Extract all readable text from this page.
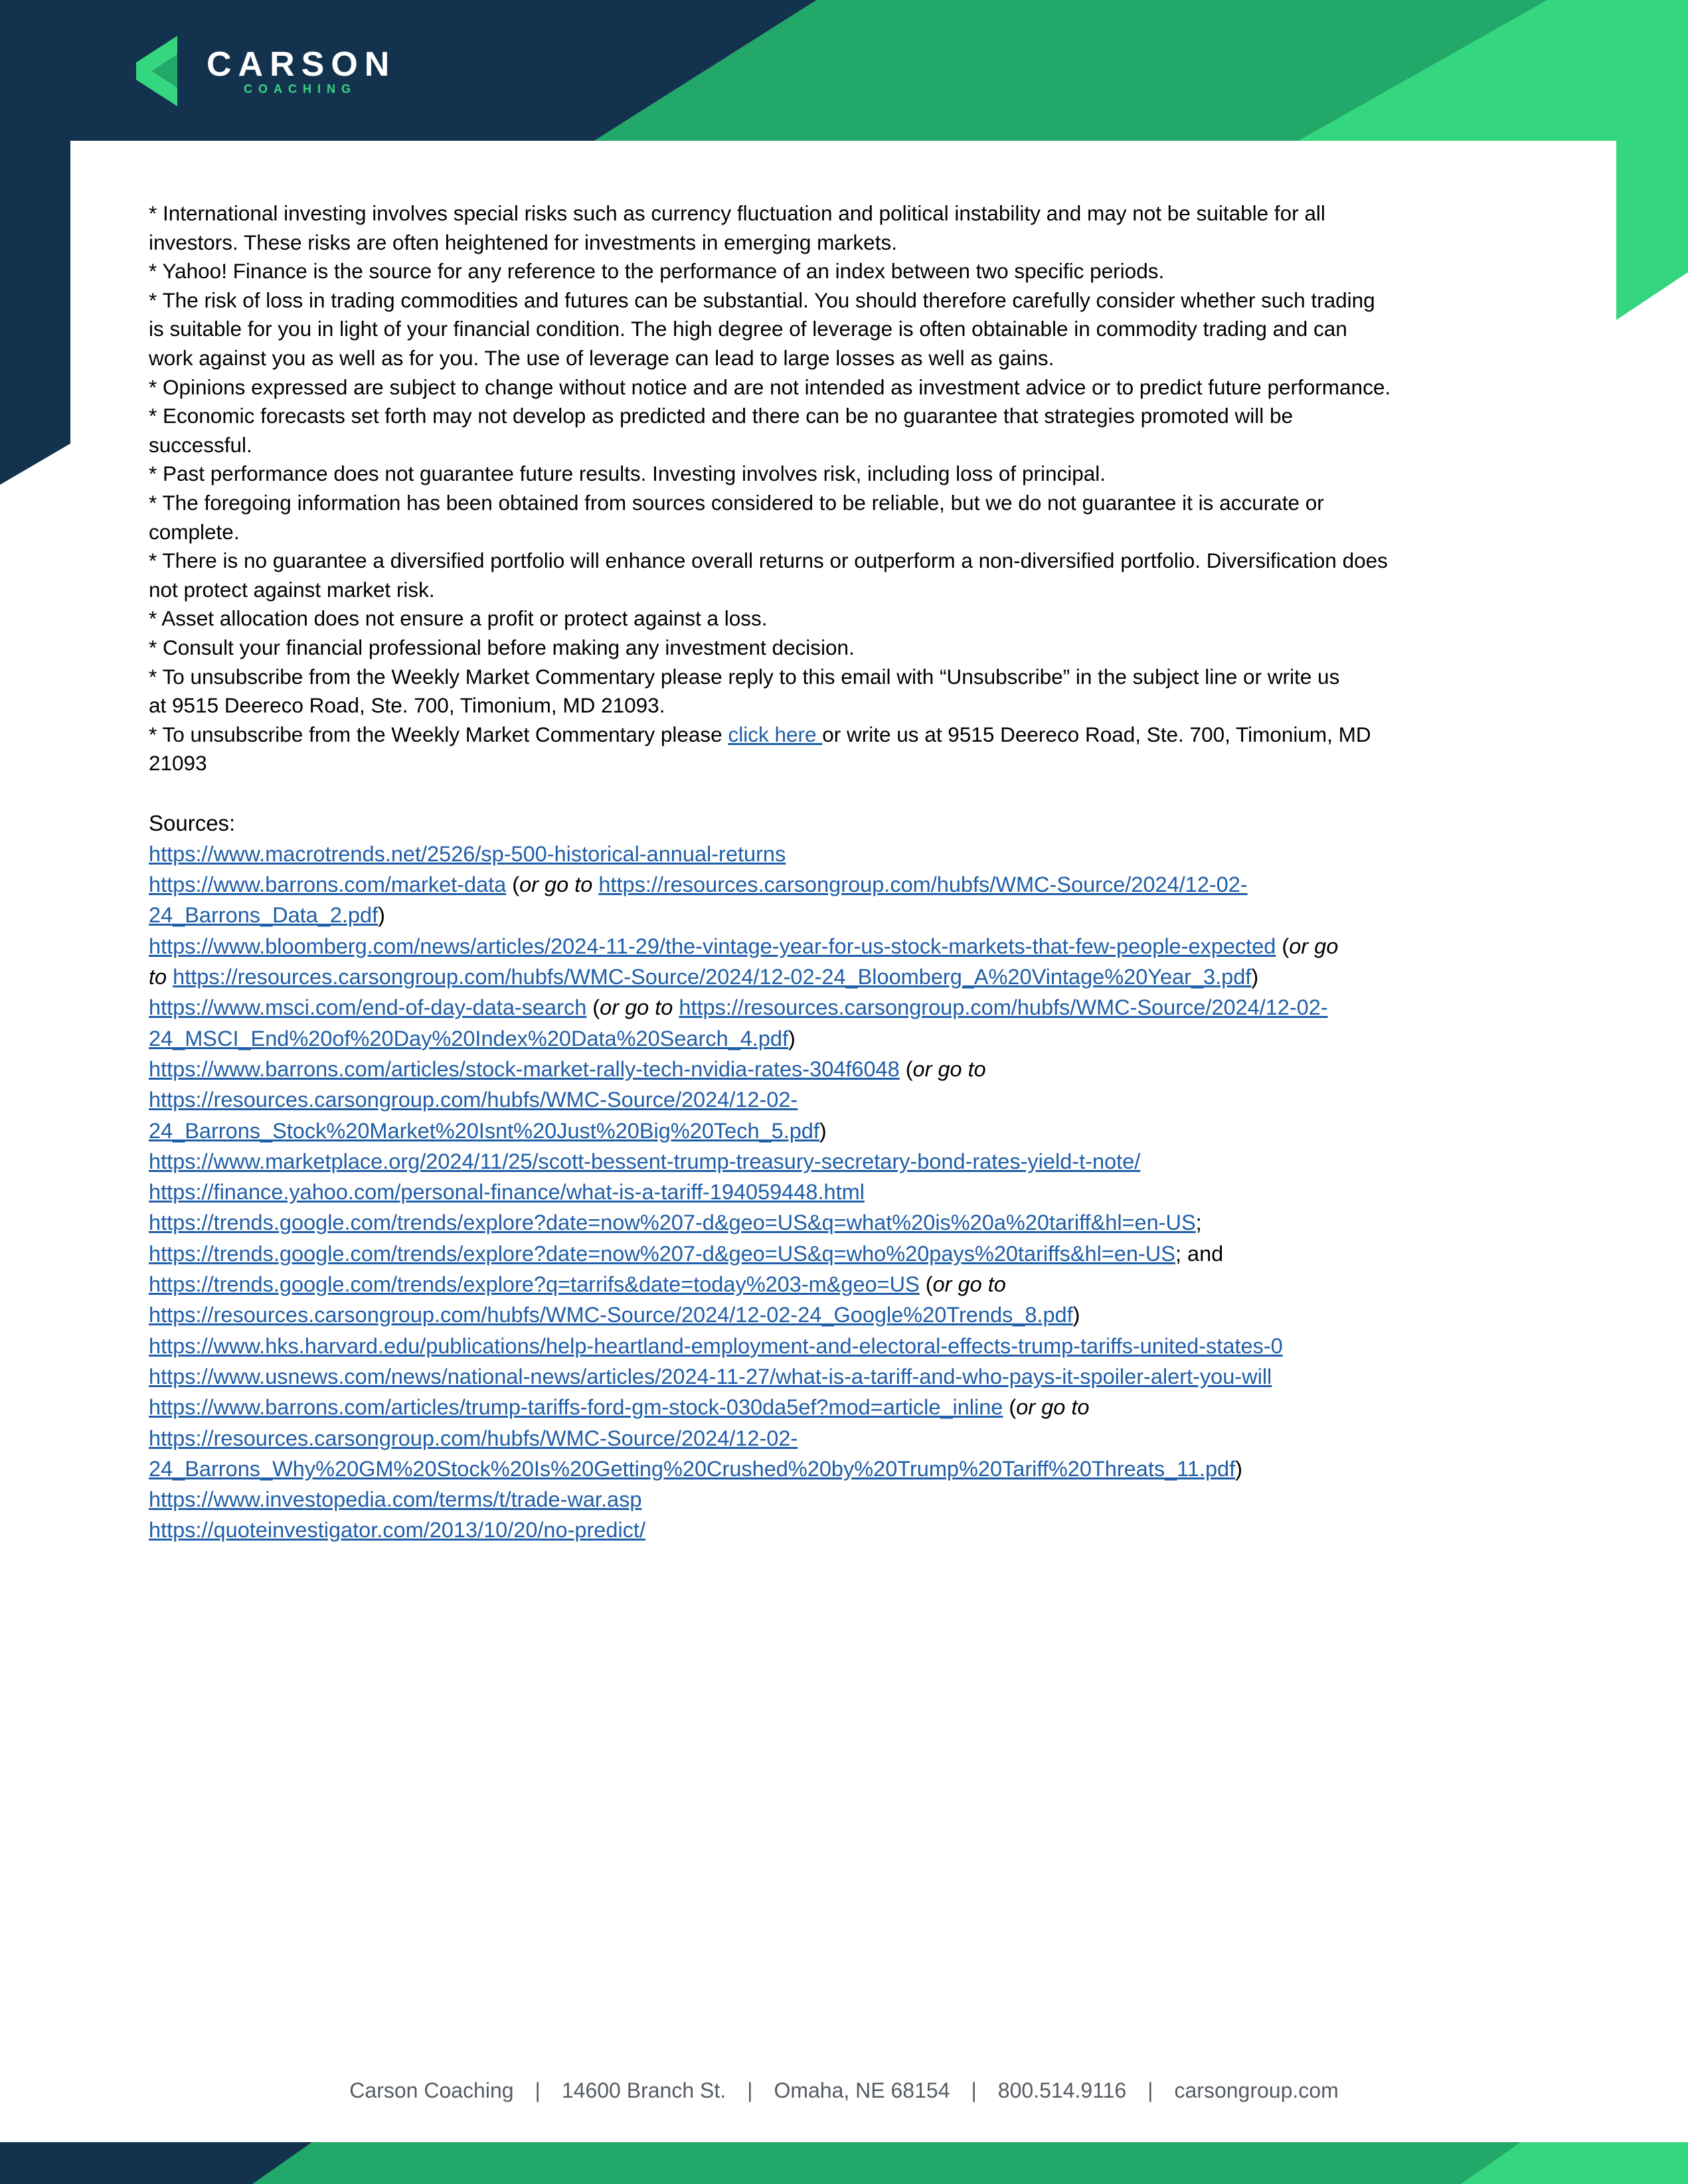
CARSON
COACHING

* International investing involves special risks such as currency fluctuation and political instability and may not be suitable for all

investors. These risks are often heightened for investments in emerging markets.

* Yahoo! Finance is the source for any reference to the performance of an index between two specific periods.

* The risk of loss in trading commodities and futures can be substantial. You should therefore carefully consider whether such trading

is suitable for you in light of your financial condition. The high degree of leverage is often obtainable in commodity trading and can

work against you as well as for you. The use of leverage can lead to large losses as well as gains.

* Opinions expressed are subject to change without notice and are not intended as investment advice or to predict future performance.

* Economic forecasts set forth may not develop as predicted and there can be no guarantee that strategies promoted will be

successful.

* Past performance does not guarantee future results. Investing involves risk, including loss of principal.

* The foregoing information has been obtained from sources considered to be reliable, but we do not guarantee it is accurate or

complete.

* There is no guarantee a diversified portfolio will enhance overall returns or outperform a non-diversified portfolio. Diversification does

not protect against market risk.

* Asset allocation does not ensure a profit or protect against a loss.

* Consult your financial professional before making any investment decision.

* To unsubscribe from the Weekly Market Commentary please reply to this email with “Unsubscribe” in the subject line or write us

at 9515 Deereco Road, Ste. 700, Timonium, MD 21093.

* To unsubscribe from the Weekly Market Commentary please click here or write us at 9515 Deereco Road, Ste. 700, Timonium, MD

21093

Sources:

https://www.macrotrends.net/2526/sp-500-historical-annual-returns

https://www.barrons.com/market-data (or go to https://resources.carsongroup.com/hubfs/WMC-Source/2024/12-02-

24_Barrons_Data_2.pdf)

https://www.bloomberg.com/news/articles/2024-11-29/the-vintage-year-for-us-stock-markets-that-few-people-expected (or go

to https://resources.carsongroup.com/hubfs/WMC-Source/2024/12-02-24_Bloomberg_A%20Vintage%20Year_3.pdf)

https://www.msci.com/end-of-day-data-search (or go to https://resources.carsongroup.com/hubfs/WMC-Source/2024/12-02-

24_MSCI_End%20of%20Day%20Index%20Data%20Search_4.pdf)

https://www.barrons.com/articles/stock-market-rally-tech-nvidia-rates-304f6048 (or go to

https://resources.carsongroup.com/hubfs/WMC-Source/2024/12-02-

24_Barrons_Stock%20Market%20Isnt%20Just%20Big%20Tech_5.pdf)

https://www.marketplace.org/2024/11/25/scott-bessent-trump-treasury-secretary-bond-rates-yield-t-note/

https://finance.yahoo.com/personal-finance/what-is-a-tariff-194059448.html

https://trends.google.com/trends/explore?date=now%207-d&geo=US&q=what%20is%20a%20tariff&hl=en-US;

https://trends.google.com/trends/explore?date=now%207-d&geo=US&q=who%20pays%20tariffs&hl=en-US; and

https://trends.google.com/trends/explore?q=tarrifs&date=today%203-m&geo=US (or go to

https://resources.carsongroup.com/hubfs/WMC-Source/2024/12-02-24_Google%20Trends_8.pdf)

https://www.hks.harvard.edu/publications/help-heartland-employment-and-electoral-effects-trump-tariffs-united-states-0

https://www.usnews.com/news/national-news/articles/2024-11-27/what-is-a-tariff-and-who-pays-it-spoiler-alert-you-will

https://www.barrons.com/articles/trump-tariffs-ford-gm-stock-030da5ef?mod=article_inline (or go to

https://resources.carsongroup.com/hubfs/WMC-Source/2024/12-02-

24_Barrons_Why%20GM%20Stock%20Is%20Getting%20Crushed%20by%20Trump%20Tariff%20Threats_11.pdf)

https://www.investopedia.com/terms/t/trade-war.asp

https://quoteinvestigator.com/2013/10/20/no-predict/

Carson Coaching | 14600 Branch St. | Omaha, NE 68154 | 800.514.9116 | carsongroup.com
